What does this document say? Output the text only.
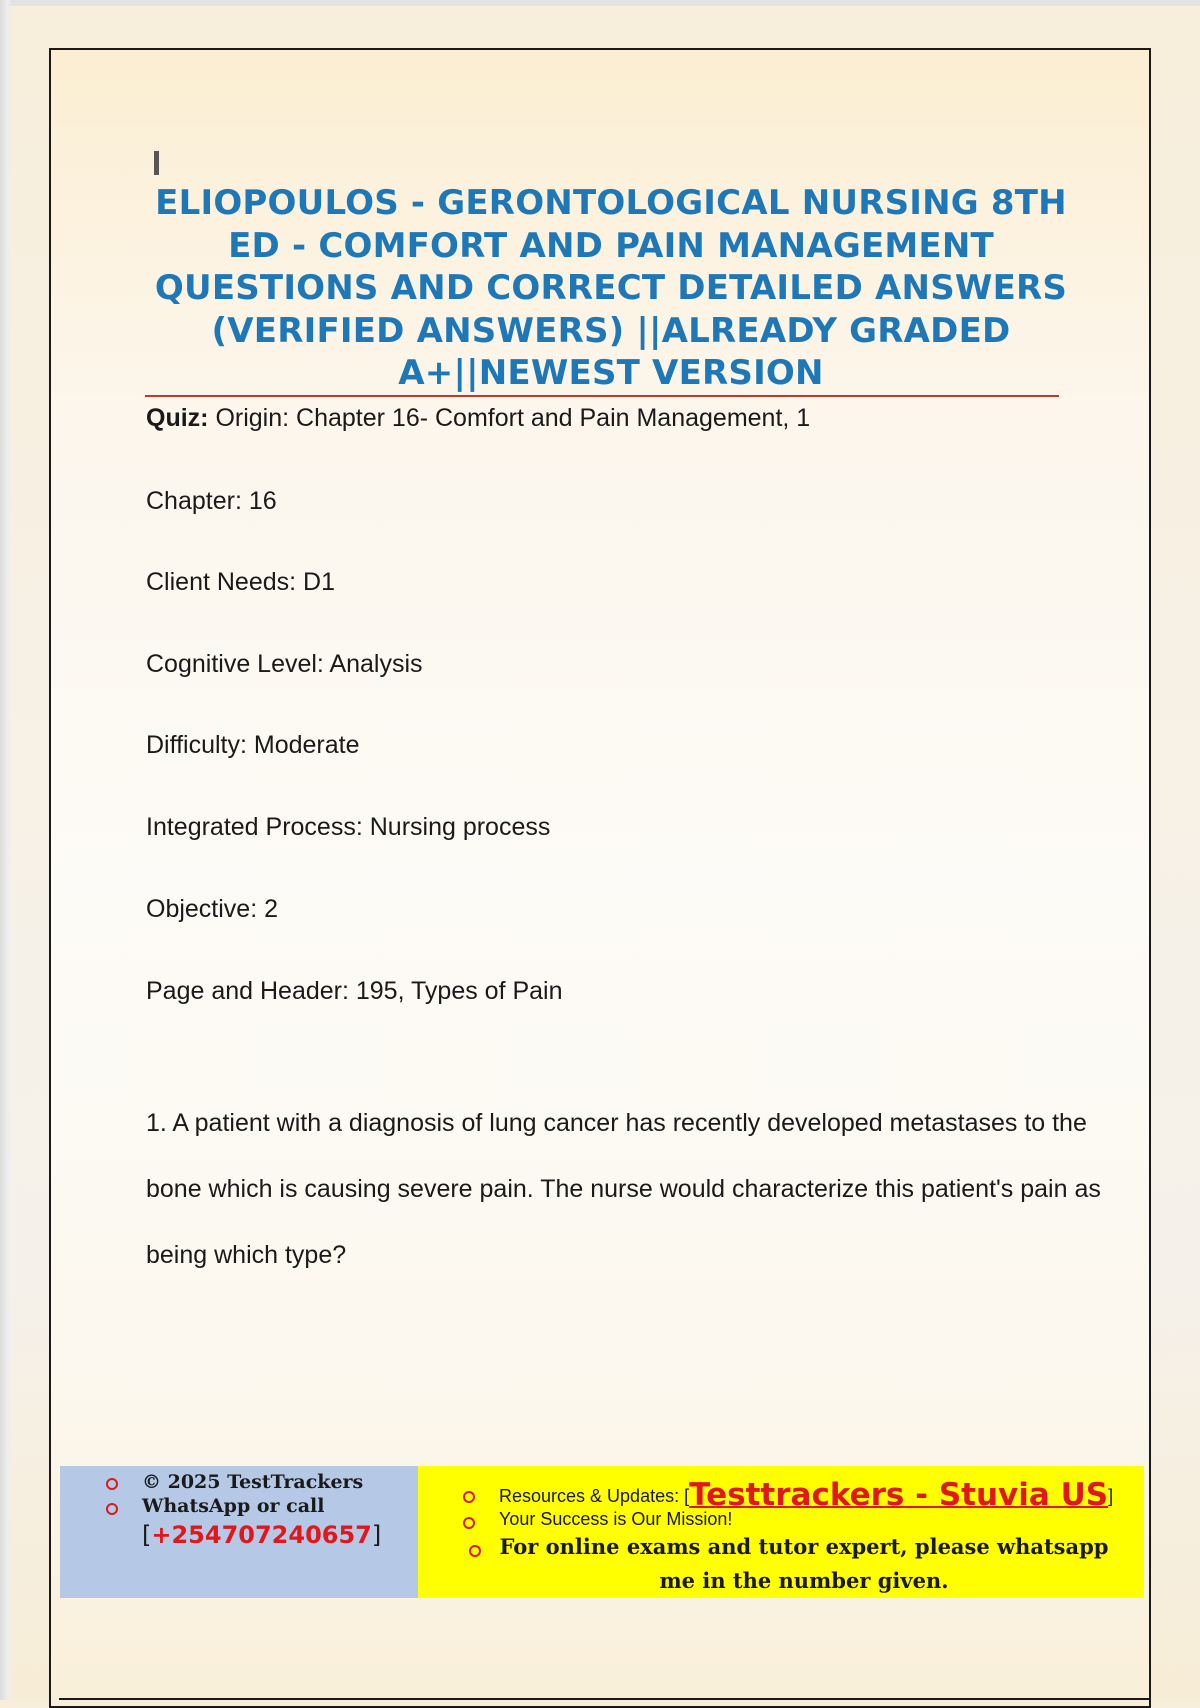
ELIOPOULOS - GERONTOLOGICAL NURSING 8TH ED - COMFORT AND PAIN MANAGEMENT QUESTIONS AND CORRECT DETAILED ANSWERS (VERIFIED ANSWERS) ||ALREADY GRADED A+||NEWEST VERSION

Quiz: Origin: Chapter 16- Comfort and Pain Management, 1

Chapter: 16

Client Needs: D1

Cognitive Level: Analysis

Difficulty: Moderate

Integrated Process: Nursing process

Objective: 2

Page and Header: 195, Types of Pain

1. A patient with a diagnosis of lung cancer has recently developed metastases to the bone which is causing severe pain. The nurse would characterize this patient's pain as being which type?

© 2025 TestTrackers
WhatsApp or call
[+254707240657]
Resources & Updates: [Testtrackers - Stuvia US]
Your Success is Our Mission!
For online exams and tutor expert, please whatsapp me in the number given.
